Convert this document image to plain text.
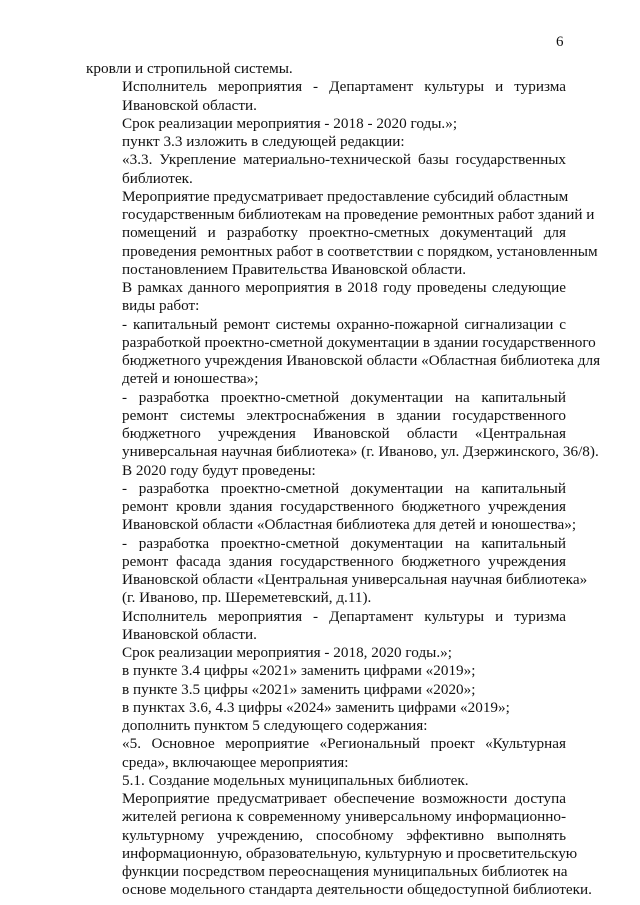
6
кровли и стропильной системы.
Исполнитель мероприятия - Департамент культуры и туризма
Ивановской области.
Срок реализации мероприятия - 2018 - 2020 годы.»;
пункт 3.3 изложить в следующей редакции:
«3.3. Укрепление материально-технической базы государственных
библиотек.
Мероприятие предусматривает предоставление субсидий областным
государственным библиотекам на проведение ремонтных работ зданий и
помещений и разработку проектно-сметных документаций для
проведения ремонтных работ в соответствии с порядком, установленным
постановлением Правительства Ивановской области.
В рамках данного мероприятия в 2018 году проведены следующие
виды работ:
- капитальный ремонт системы охранно-пожарной сигнализации с
разработкой проектно-сметной документации в здании государственного
бюджетного учреждения Ивановской области «Областная библиотека для
детей и юношества»;
- разработка проектно-сметной документации на капитальный
ремонт системы электроснабжения в здании государственного
бюджетного учреждения Ивановской области «Центральная
универсальная научная библиотека» (г. Иваново, ул. Дзержинского, 36/8).
В 2020 году будут проведены:
- разработка проектно-сметной документации на капитальный
ремонт кровли здания государственного бюджетного учреждения
Ивановской области «Областная библиотека для детей и юношества»;
- разработка проектно-сметной документации на капитальный
ремонт фасада здания государственного бюджетного учреждения
Ивановской области «Центральная универсальная научная библиотека»
(г. Иваново, пр. Шереметевский, д.11).
Исполнитель мероприятия - Департамент культуры и туризма
Ивановской области.
Срок реализации мероприятия - 2018, 2020 годы.»;
в пункте 3.4 цифры «2021» заменить цифрами «2019»;
в пункте 3.5 цифры «2021» заменить цифрами «2020»;
в пунктах 3.6, 4.3 цифры «2024» заменить цифрами «2019»;
дополнить пунктом 5 следующего содержания:
«5. Основное мероприятие «Региональный проект «Культурная
среда», включающее мероприятия:
5.1. Создание модельных муниципальных библиотек.
Мероприятие предусматривает обеспечение возможности доступа
жителей региона к современному универсальному информационно-
культурному учреждению, способному эффективно выполнять
информационную, образовательную, культурную и просветительскую
функции посредством переоснащения муниципальных библиотек на
основе модельного стандарта деятельности общедоступной библиотеки.
